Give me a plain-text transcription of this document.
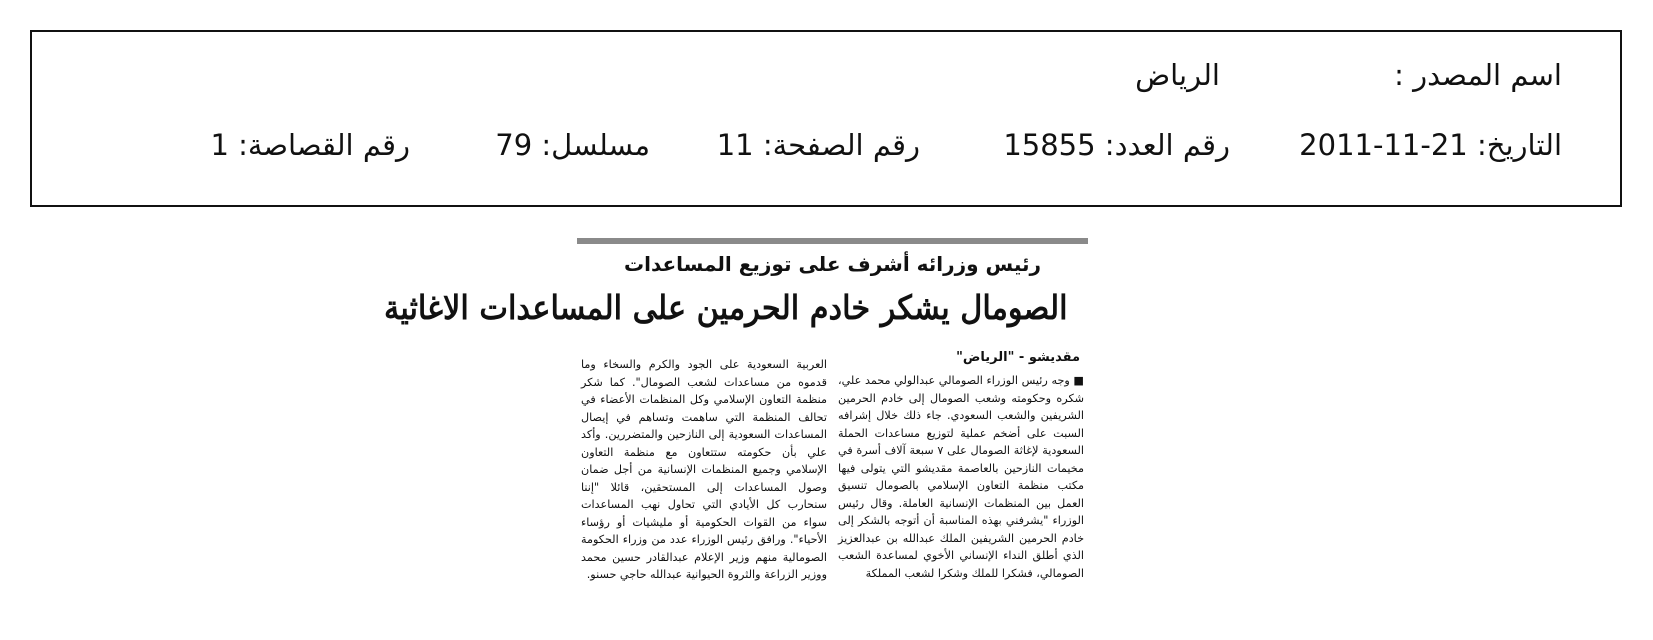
اسم المصدر :
الرياض
التاريخ: 21-11-2011
رقم العدد: 15855
رقم الصفحة: 11
مسلسل: 79
رقم القصاصة: 1
رئيس وزرائه أشرف على توزيع المساعدات
الصومال يشكر خادم الحرمين على المساعدات الاغاثية
مقديشو - "الرياض"
■ وجه رئيس الوزراء الصومالي عبدالولي محمد علي، شكره وحكومته وشعب الصومال إلى خادم الحرمين الشريفين والشعب السعودي. جاء ذلك خلال إشرافه السبت على أضخم عملية لتوزيع مساعدات الحملة السعودية لإغاثة الصومال على ٧ سبعة آلاف أسرة في مخيمات النازحين بالعاصمة مقديشو التي يتولى فيها مكتب منظمة التعاون الإسلامي بالصومال تنسيق العمل بين المنظمات الإنسانية العاملة. وقال رئيس الوزراء "يشرفني بهذه المناسبة أن أتوجه بالشكر إلى خادم الحرمين الشريفين الملك عبدالله بن عبدالعزيز الذي أطلق النداء الإنساني الأخوي لمساعدة الشعب الصومالي، فشكرا للملك وشكرا لشعب المملكة
العربية السعودية على الجود والكرم والسخاء وما قدموه من مساعدات لشعب الصومال". كما شكر منظمة التعاون الإسلامي وكل المنظمات الأعضاء في تحالف المنظمة التي ساهمت وتساهم في إيصال المساعدات السعودية إلى النازحين والمتضررين. وأكد علي بأن حكومته ستتعاون مع منظمة التعاون الإسلامي وجميع المنظمات الإنسانية من أجل ضمان وصول المساعدات إلى المستحقين، قائلا "إننا سنحارب كل الأيادي التي تحاول نهب المساعدات سواء من القوات الحكومية أو مليشيات أو رؤساء الأحياء". ورافق رئيس الوزراء عدد من وزراء الحكومة الصومالية منهم وزير الإعلام عبدالقادر حسين محمد ووزير الزراعة والثروة الحيوانية عبدالله حاجي حسنو.
